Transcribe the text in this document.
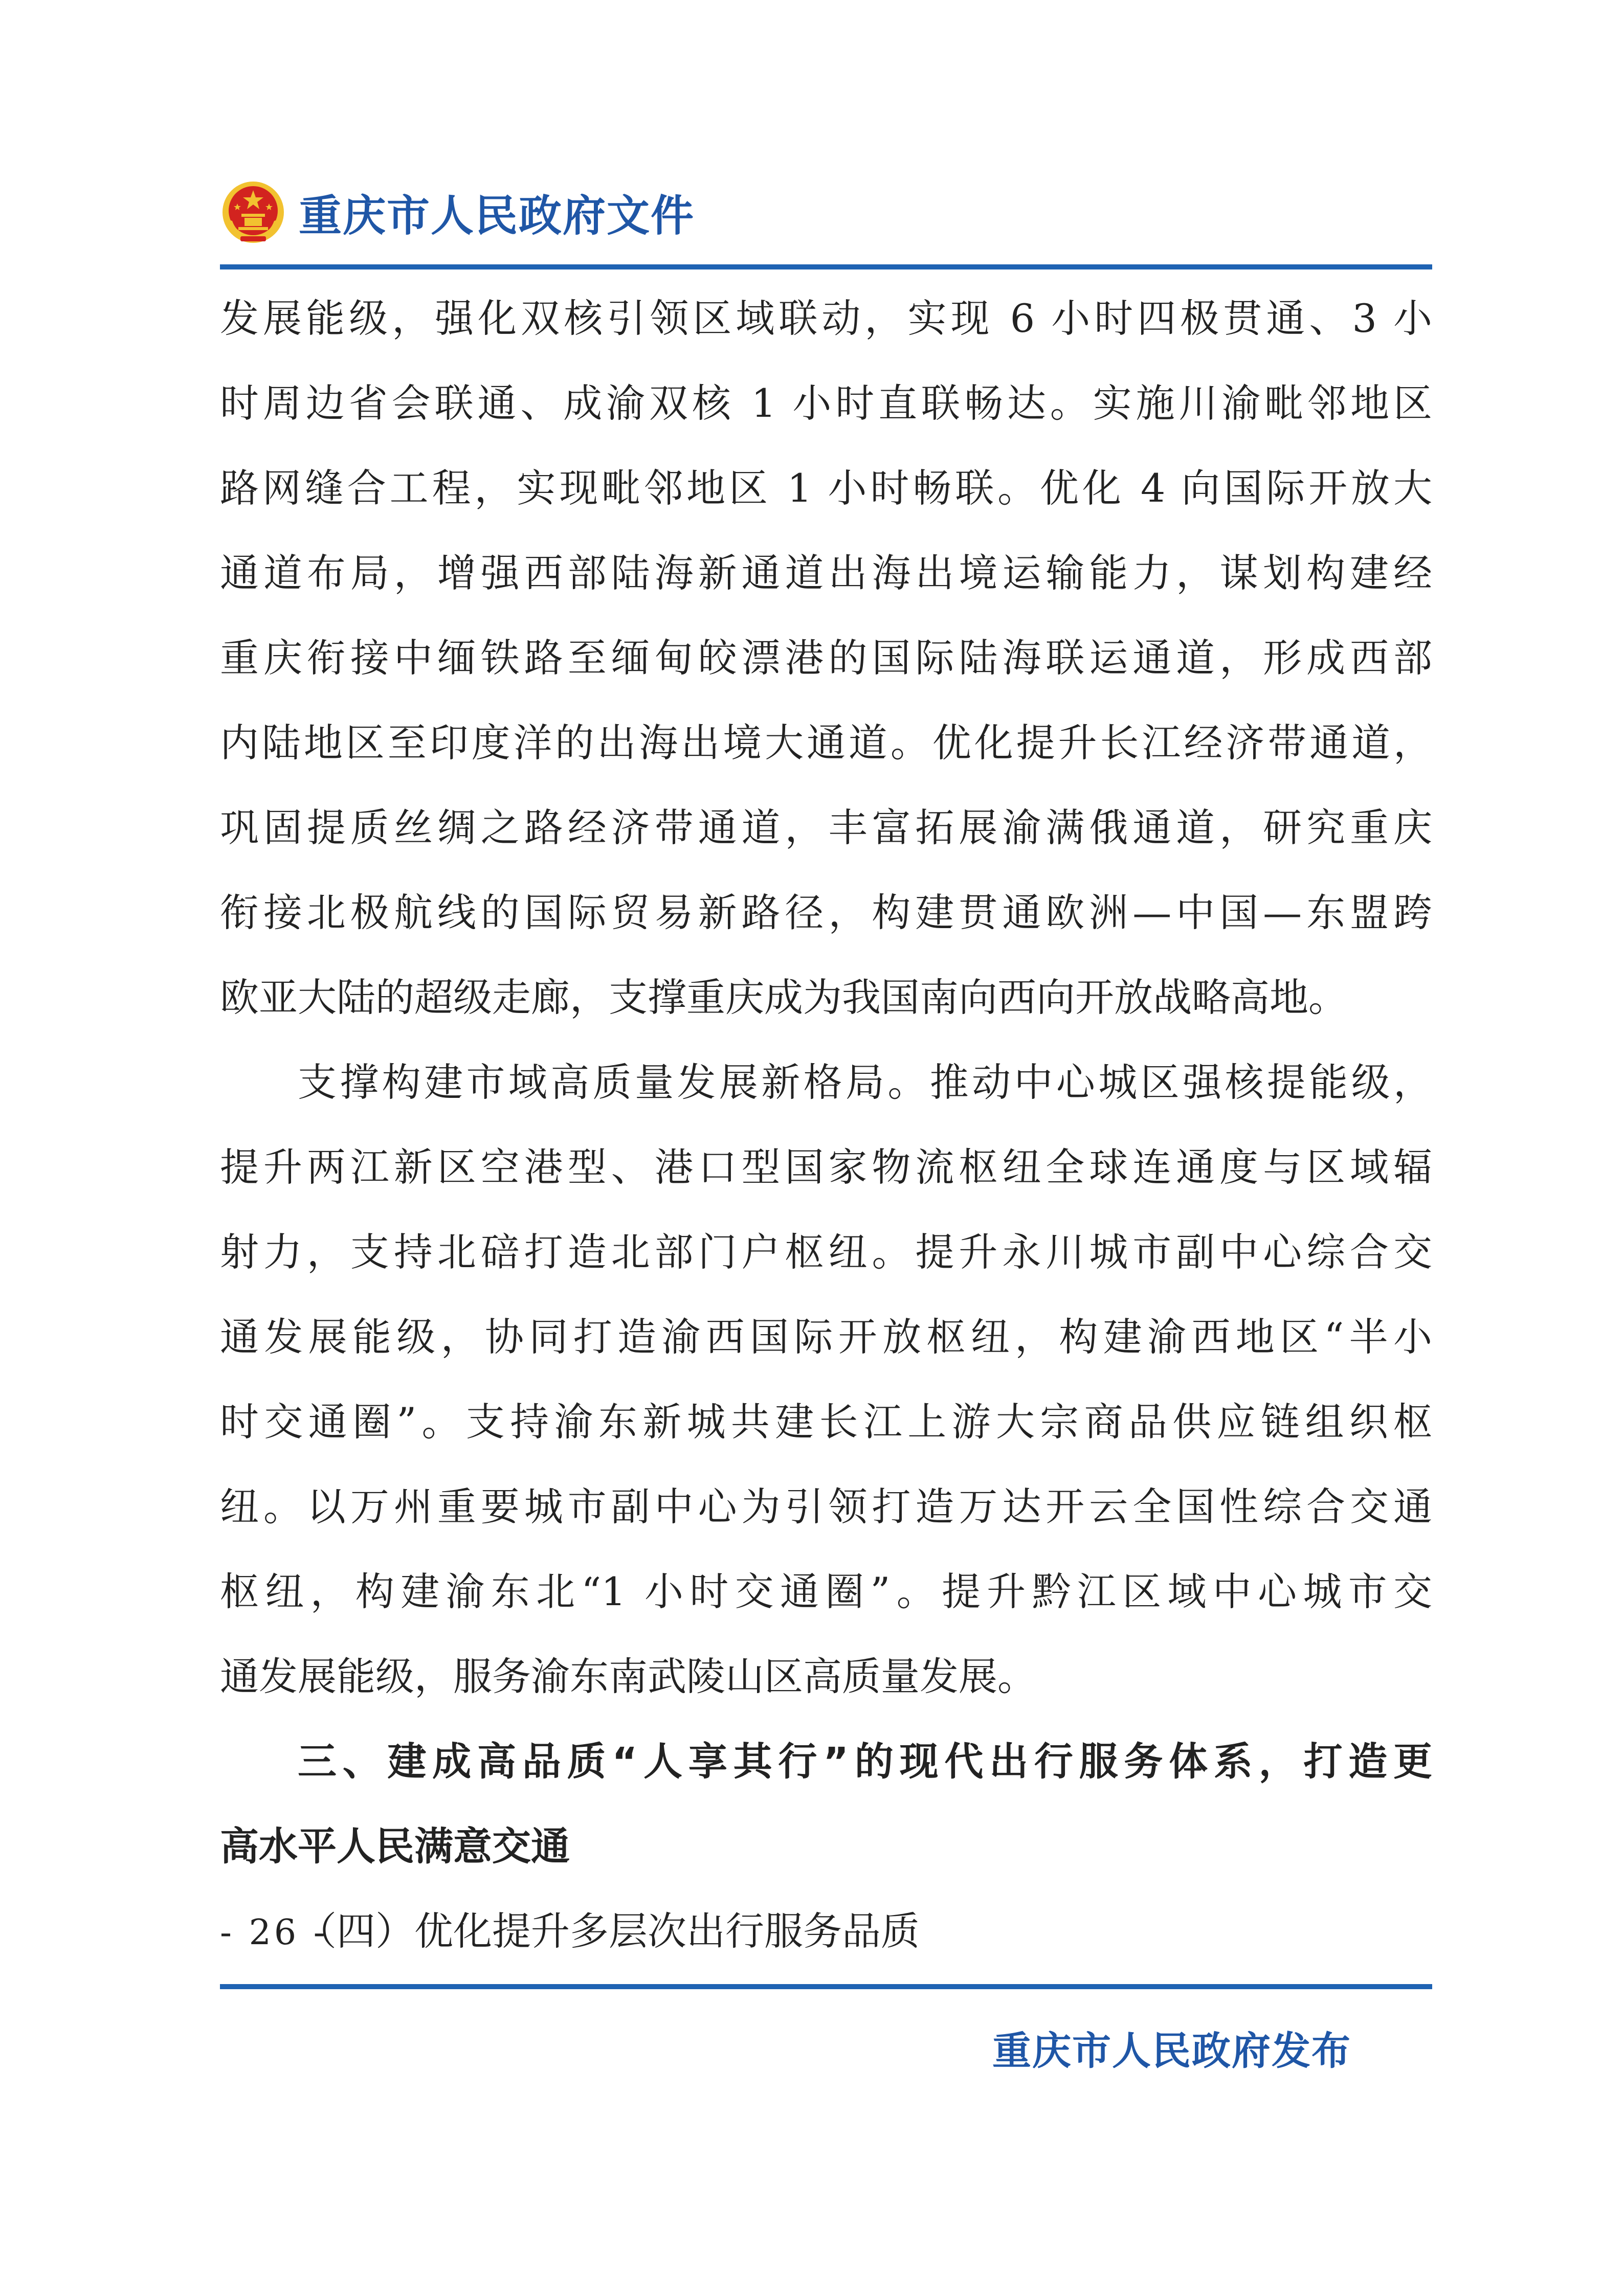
重庆市人民政府文件
发展能级，强化双核引领区域联动，实现 6 小时四极贯通、3 小
时周边省会联通、成渝双核 1 小时直联畅达。实施川渝毗邻地区
路网缝合工程，实现毗邻地区 1 小时畅联。优化 4 向国际开放大
通道布局，增强西部陆海新通道出海出境运输能力，谋划构建经
重庆衔接中缅铁路至缅甸皎漂港的国际陆海联运通道，形成西部
内陆地区至印度洋的出海出境大通道。优化提升长江经济带通道，
巩固提质丝绸之路经济带通道，丰富拓展渝满俄通道，研究重庆
衔接北极航线的国际贸易新路径，构建贯通欧洲—中国—东盟跨
欧亚大陆的超级走廊，支撑重庆成为我国南向西向开放战略高地。
支撑构建市域高质量发展新格局。推动中心城区强核提能级，
提升两江新区空港型、港口型国家物流枢纽全球连通度与区域辐
射力，支持北碚打造北部门户枢纽。提升永川城市副中心综合交
通发展能级，协同打造渝西国际开放枢纽，构建渝西地区“半小
时交通圈”。支持渝东新城共建长江上游大宗商品供应链组织枢
纽。以万州重要城市副中心为引领打造万达开云全国性综合交通
枢纽，构建渝东北“1 小时交通圈”。提升黔江区域中心城市交
通发展能级，服务渝东南武陵山区高质量发展。
三、建成高品质“人享其行”的现代出行服务体系，打造更
高水平人民满意交通
（四）优化提升多层次出行服务品质
- 26 -
重庆市人民政府发布
